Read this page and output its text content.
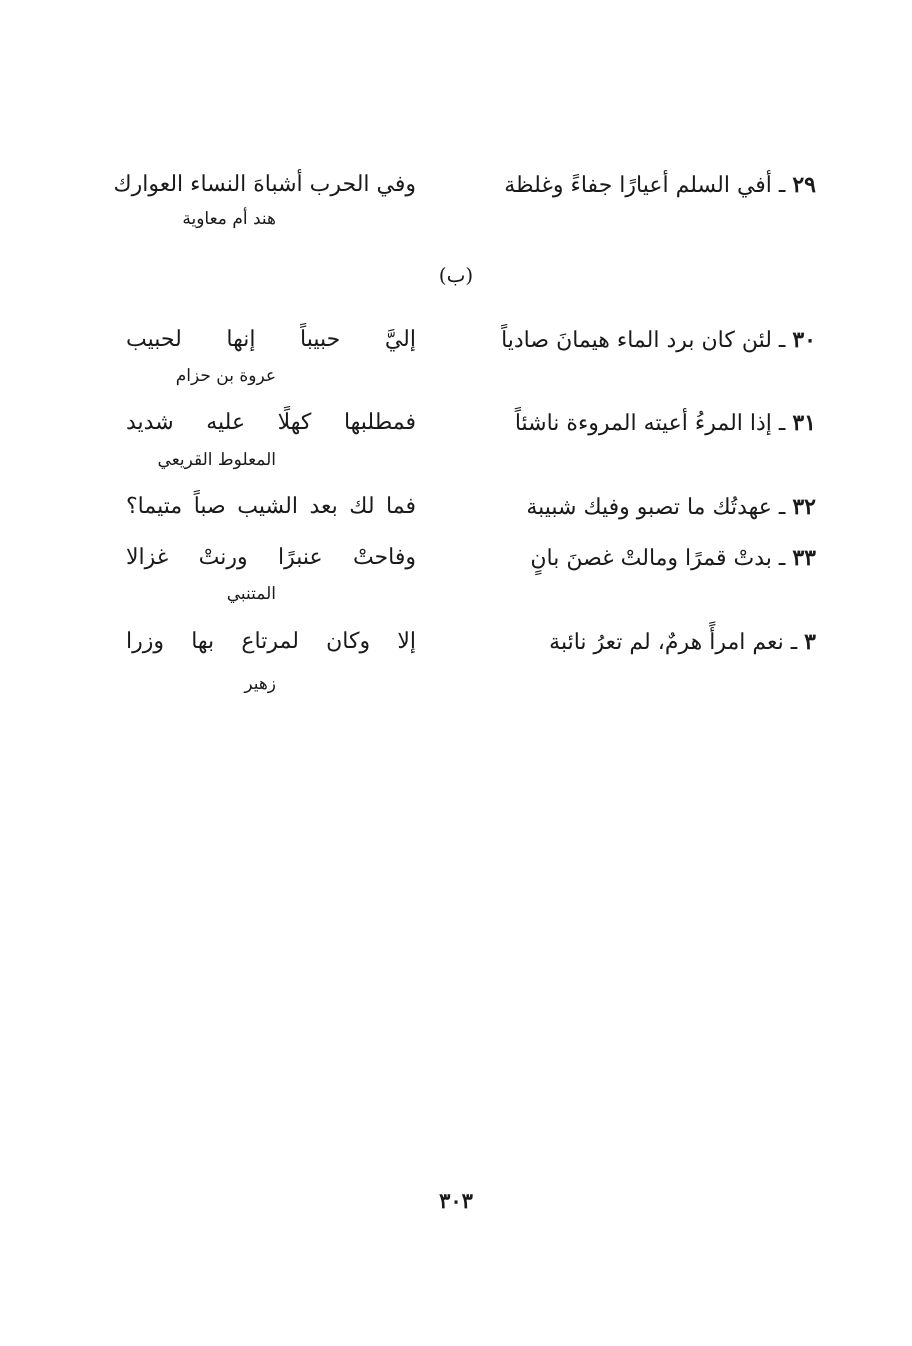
٢٩ ـ أفي السلم أعيارًا جفاءً وغلظة
وفي الحرب أشباهَ النساء العوارك
هند أم معاوية
(ب)
٣٠ ـ لئن كان برد الماء هيمانَ صادياً
إليَّ حبيباً إنها لحبيب
عروة بن حزام
٣١ ـ إذا المرءُ أعيته المروءة ناشئاً
فمطلبها كهلًا عليه شديد
المعلوط القريعي
٣٢ ـ عهدتُك ما تصبو وفيك شبيبة
فما لك بعد الشيب صباً متيما؟
٣٣ ـ بدتْ قمرًا ومالتْ غصنَ بانٍ
وفاحتْ عنبرًا ورنتْ غزالا
المتنبي
٣ ـ نعم امرأً هرمٌ، لم تعرُ نائبة
إلا وكان لمرتاع بها وزرا
زهير
٣٠٣
